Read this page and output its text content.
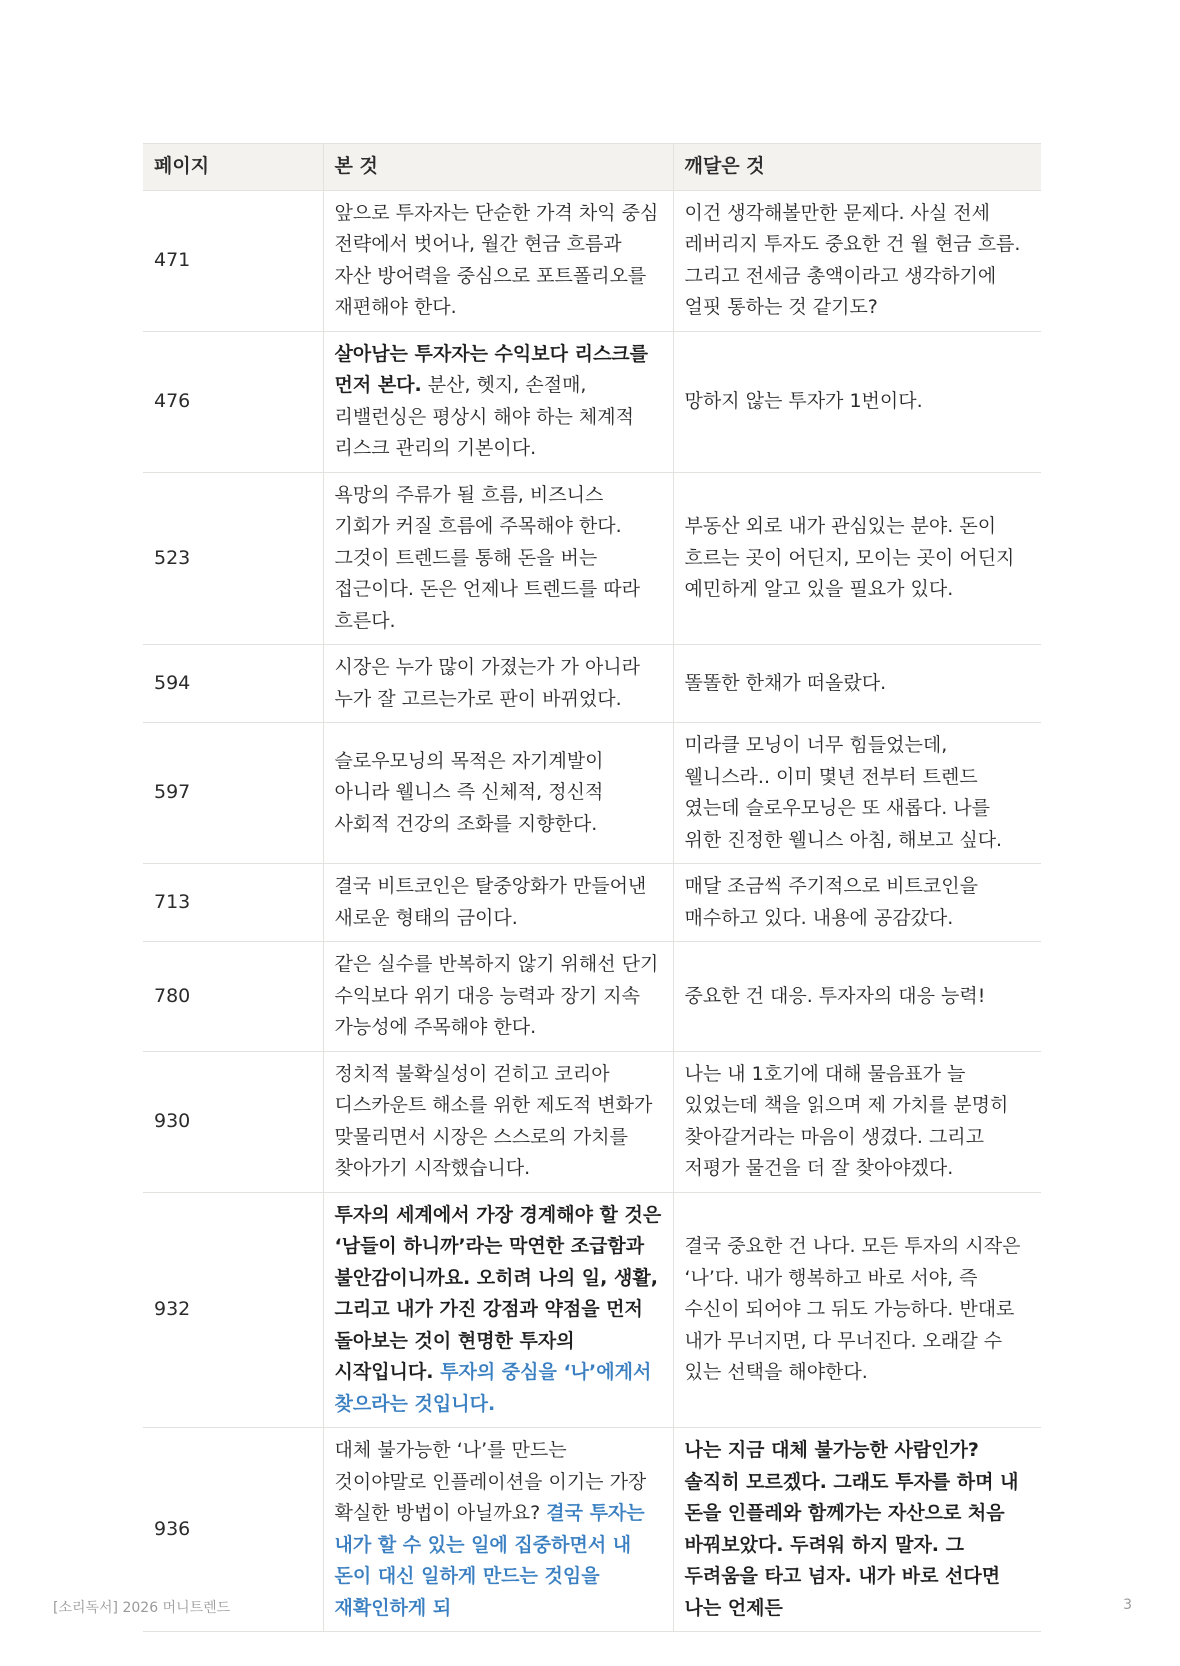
페이지	본 것	깨달은 것
471	앞으로 투자자는 단순한 가격 차익 중심 전략에서 벗어나, 월간 현금 흐름과 자산 방어력을 중심으로 포트폴리오를 재편해야 한다.	이건 생각해볼만한 문제다. 사실 전세 레버리지 투자도 중요한 건 월 현금 흐름. 그리고 전세금 총액이라고 생각하기에 얼핏 통하는 것 같기도?
476	살아남는 투자자는 수익보다 리스크를 먼저 본다. 분산, 헷지, 손절매, 리밸런싱은 평상시 해야 하는 체계적 리스크 관리의 기본이다.	망하지 않는 투자가 1번이다.
523	욕망의 주류가 될 흐름, 비즈니스 기회가 커질 흐름에 주목해야 한다. 그것이 트렌드를 통해 돈을 버는 접근이다. 돈은 언제나 트렌드를 따라 흐른다.	부동산 외로 내가 관심있는 분야. 돈이 흐르는 곳이 어딘지, 모이는 곳이 어딘지 예민하게 알고 있을 필요가 있다.
594	시장은 누가 많이 가졌는가 가 아니라 누가 잘 고르는가로 판이 바뀌었다.	똘똘한 한채가 떠올랐다.
597	슬로우모닝의 목적은 자기계발이 아니라 웰니스 즉 신체적, 정신적 사회적 건강의 조화를 지향한다.	미라클 모닝이 너무 힘들었는데, 웰니스라.. 이미 몇년 전부터 트렌드 였는데 슬로우모닝은 또 새롭다. 나를 위한 진정한 웰니스 아침, 해보고 싶다.
713	결국 비트코인은 탈중앙화가 만들어낸 새로운 형태의 금이다.	매달 조금씩 주기적으로 비트코인을 매수하고 있다. 내용에 공감갔다.
780	같은 실수를 반복하지 않기 위해선 단기 수익보다 위기 대응 능력과 장기 지속 가능성에 주목해야 한다.	중요한 건 대응. 투자자의 대응 능력!
930	정치적 불확실성이 걷히고 코리아 디스카운트 해소를 위한 제도적 변화가 맞물리면서 시장은 스스로의 가치를 찾아가기 시작했습니다.	나는 내 1호기에 대해 물음표가 늘 있었는데 책을 읽으며 제 가치를 분명히 찾아갈거라는 마음이 생겼다. 그리고 저평가 물건을 더 잘 찾아야겠다.
932	투자의 세계에서 가장 경계해야 할 것은 ‘남들이 하니까’라는 막연한 조급함과 불안감이니까요. 오히려 나의 일, 생활, 그리고 내가 가진 강점과 약점을 먼저 돌아보는 것이 현명한 투자의 시작입니다. 투자의 중심을 ‘나’에게서 찾으라는 것입니다.	결국 중요한 건 나다. 모든 투자의 시작은 ‘나’다. 내가 행복하고 바로 서야, 즉 수신이 되어야 그 뒤도 가능하다. 반대로 내가 무너지면, 다 무너진다. 오래갈 수 있는 선택을 해야한다.
936	대체 불가능한 ‘나’를 만드는 것이야말로 인플레이션을 이기는 가장 확실한 방법이 아닐까요? 결국 투자는 내가 할 수 있는 일에 집중하면서 내 돈이 대신 일하게 만드는 것임을 재확인하게 되	나는 지금 대체 불가능한 사람인가? 솔직히 모르겠다. 그래도 투자를 하며 내 돈을 인플레와 함께가는 자산으로 처음 바꿔보았다. 두려워 하지 말자. 그 두려움을 타고 넘자. 내가 바로 선다면 나는 언제든
[소리독서] 2026 머니트렌드	3
